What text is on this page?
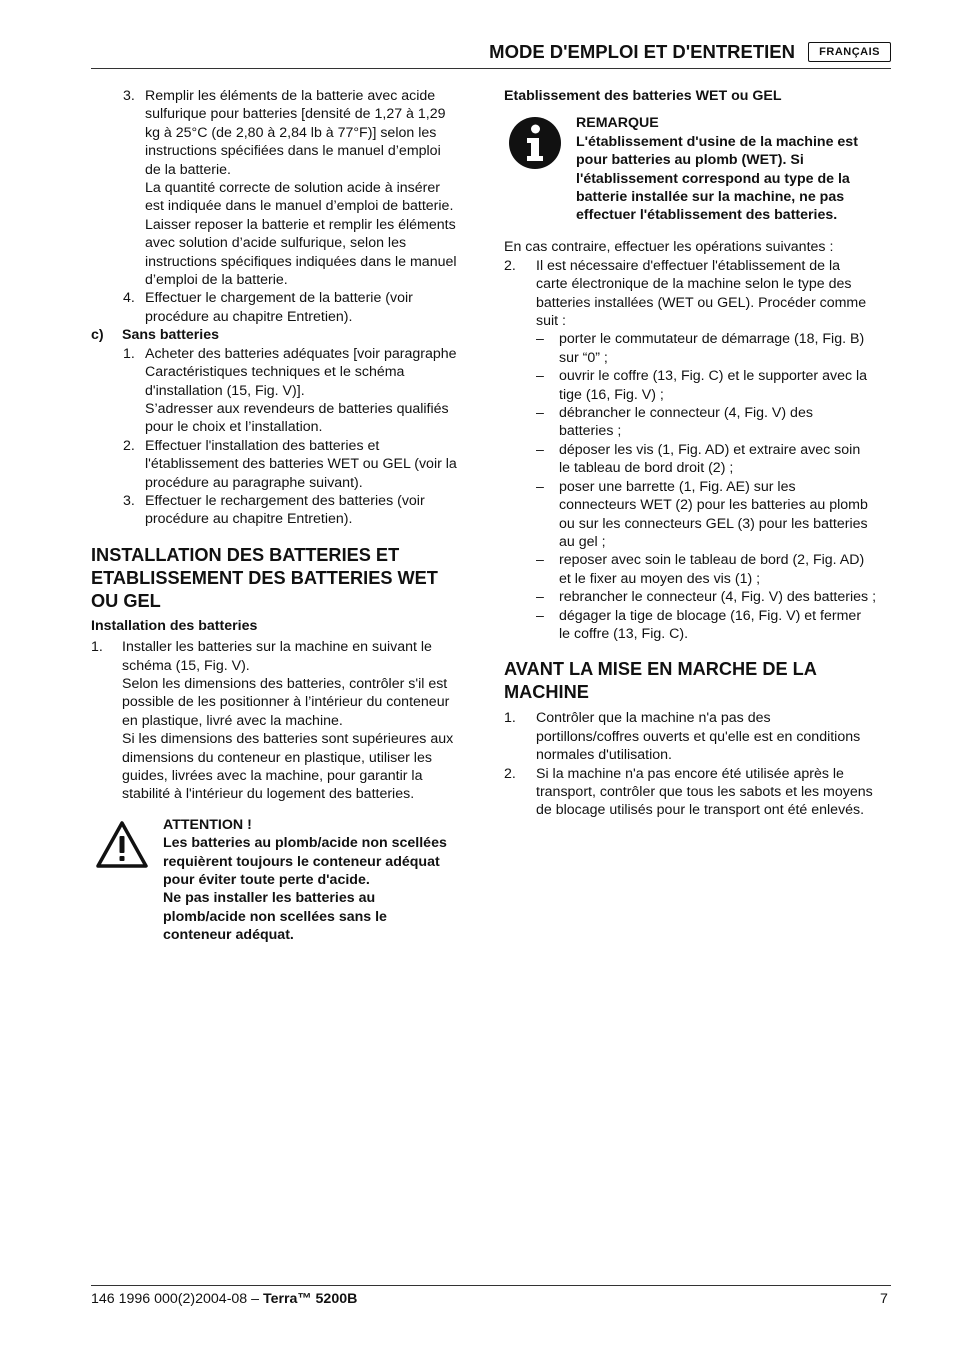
MODE D'EMPLOI ET D'ENTRETIEN	FRANÇAIS
3. Remplir les éléments de la batterie avec acide
sulfurique pour batteries [densité de 1,27 à 1,29
kg à 25°C (de 2,80 à 2,84 lb à 77°F)] selon les
instructions spécifiées dans le manuel d’emploi
de la batterie.
La quantité correcte de solution acide à insérer
est indiquée dans le manuel d’emploi de batterie.
Laisser reposer la batterie et remplir les éléments
avec solution d’acide sulfurique, selon les
instructions spécifiques indiquées dans le manuel
d’emploi de la batterie.
4. Effectuer le chargement de la batterie (voir
procédure au chapitre Entretien).
c) Sans batteries
1. Acheter des batteries adéquates [voir paragraphe
Caractéristiques techniques et le schéma
d'installation (15, Fig. V)].
S’adresser aux revendeurs de batteries qualifiés
pour le choix et l’installation.
2. Effectuer l'installation des batteries et
l'établissement des batteries WET ou GEL (voir la
procédure au paragraphe suivant).
3. Effectuer le rechargement des batteries (voir
procédure au chapitre Entretien).
INSTALLATION DES BATTERIES ET
ETABLISSEMENT DES BATTERIES WET
OU GEL
Installation des batteries
1. Installer les batteries sur la machine en suivant le
schéma (15, Fig. V).
Selon les dimensions des batteries, contrôler s'il est
possible de les positionner à l’intérieur du conteneur
en plastique, livré avec la machine.
Si les dimensions des batteries sont supérieures aux
dimensions du conteneur en plastique, utiliser les
guides, livrées avec la machine, pour garantir la
stabilité à l'intérieur du logement des batteries.
ATTENTION !
Les batteries au plomb/acide non scellées
requièrent toujours le conteneur adéquat
pour éviter toute perte d'acide.
Ne pas installer les batteries au
plomb/acide non scellées sans le
conteneur adéquat.
Etablissement des batteries WET ou GEL
REMARQUE
L'établissement d'usine de la machine est
pour batteries au plomb (WET). Si
l'établissement correspond au type de la
batterie installée sur la machine, ne pas
effectuer l'établissement des batteries.
En cas contraire, effectuer les opérations suivantes :
2. Il est nécessaire d'effectuer l'établissement de la
carte électronique de la machine selon le type des
batteries installées (WET ou GEL). Procéder comme
suit :
– porter le commutateur de démarrage (18, Fig. B)
sur “0” ;
– ouvrir le coffre (13, Fig. C) et le supporter avec la
tige (16, Fig. V) ;
– débrancher le connecteur (4, Fig. V) des
batteries ;
– déposer les vis (1, Fig. AD) et extraire avec soin
le tableau de bord droit (2) ;
– poser une barrette (1, Fig. AE) sur les
connecteurs WET (2) pour les batteries au plomb
ou sur les connecteurs GEL (3) pour les batteries
au gel ;
– reposer avec soin le tableau de bord (2, Fig. AD)
et le fixer au moyen des vis (1) ;
– rebrancher le connecteur (4, Fig. V) des batteries ;
– dégager la tige de blocage (16, Fig. V) et fermer
le coffre (13, Fig. C).
AVANT LA MISE EN MARCHE DE LA
MACHINE
1. Contrôler que la machine n'a pas des
portillons/coffres ouverts et qu'elle est en conditions
normales d'utilisation.
2. Si la machine n'a pas encore été utilisée après le
transport, contrôler que tous les sabots et les moyens
de blocage utilisés pour le transport ont été enlevés.
146 1996 000(2)2004-08 – Terra™ 5200B	7
